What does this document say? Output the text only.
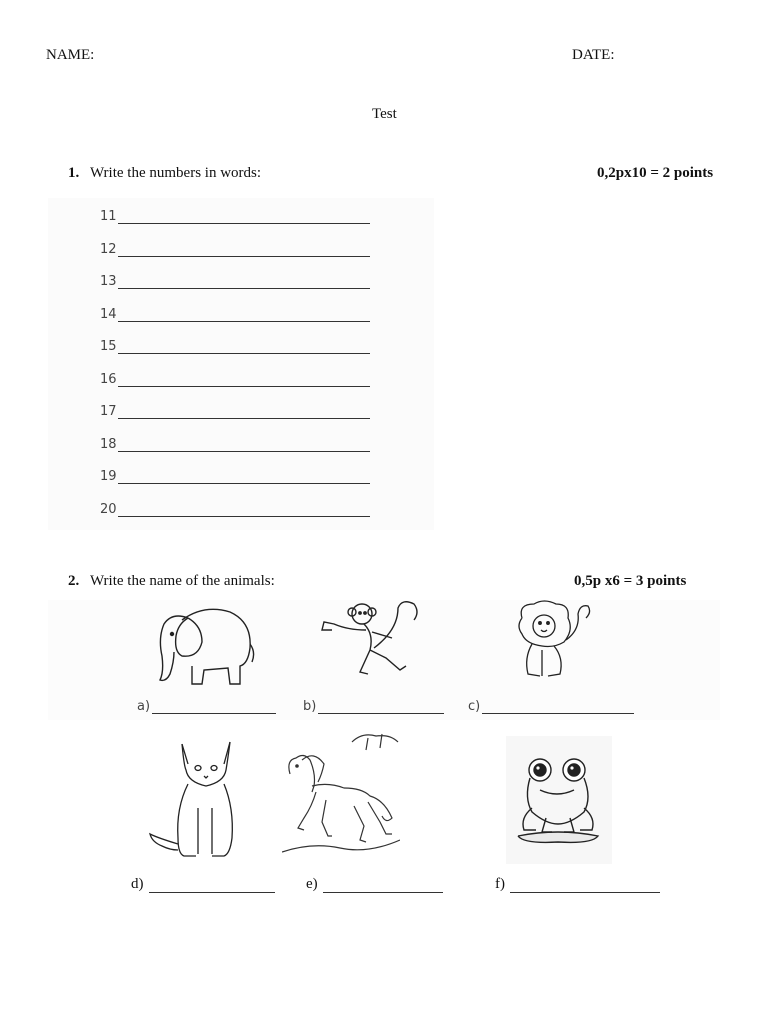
NAME:	DATE:
Test
1. Write the numbers in words:	0,2px10 = 2 points
11
12
13
14
15
16
17
18
19
20
2. Write the name of the animals:	0,5p x6 = 3 points
a)	b)	c)
d)	e)	f)
